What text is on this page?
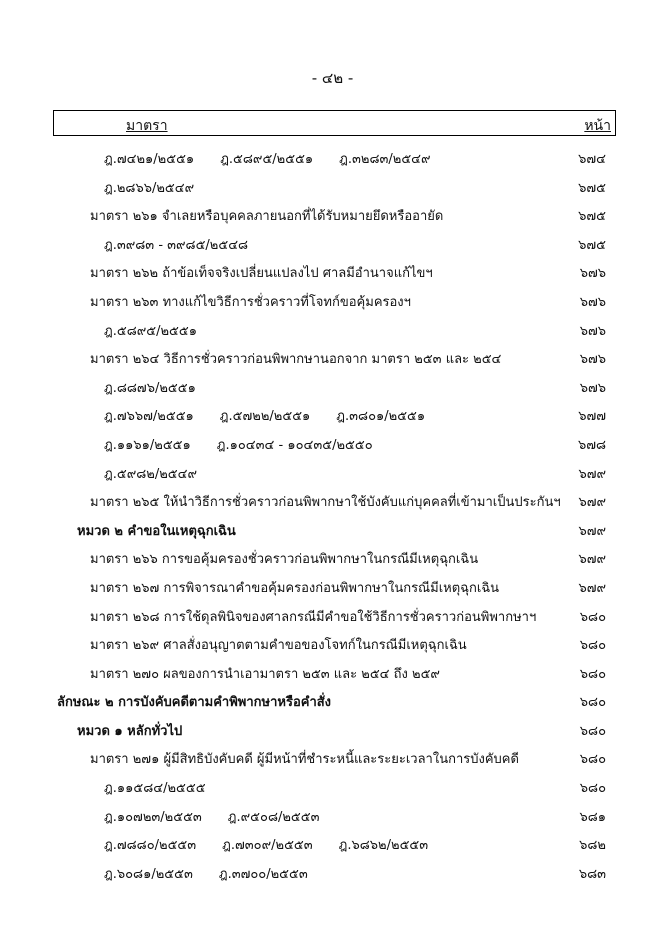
- ๔๒ -
มาตรา	หน้า
ฎ.๗๔๒๑/๒๕๕๑ ฎ.๕๘๙๕/๒๕๕๑ ฎ.๓๒๘๓/๒๕๔๙	๖๗๔
ฎ.๒๘๖๖/๒๕๔๙	๖๗๕
มาตรา ๒๖๑ จำเลยหรือบุคคลภายนอกที่ได้รับหมายยึดหรืออายัด	๖๗๕
ฎ.๓๙๘๓ - ๓๙๘๕/๒๕๔๘	๖๗๕
มาตรา ๒๖๒ ถ้าข้อเท็จจริงเปลี่ยนแปลงไป ศาลมีอำนาจแก้ไขฯ	๖๗๖
มาตรา ๒๖๓ ทางแก้ไขวิธีการชั่วคราวที่โจทก์ขอคุ้มครองฯ	๖๗๖
ฎ.๕๘๙๕/๒๕๕๑	๖๗๖
มาตรา ๒๖๔ วิธีการชั่วคราวก่อนพิพากษานอกจาก มาตรา ๒๕๓ และ ๒๕๔	๖๗๖
ฎ.๘๘๗๖/๒๕๕๑	๖๗๖
ฎ.๗๖๖๗/๒๕๕๑ ฎ.๕๗๒๒/๒๕๕๑ ฎ.๓๘๐๑/๒๕๕๑	๖๗๗
ฎ.๑๑๖๑/๒๕๕๑ ฎ.๑๐๔๓๔ - ๑๐๔๓๕/๒๕๕๐	๖๗๘
ฎ.๕๙๘๒/๒๕๔๙	๖๗๙
มาตรา ๒๖๕ ให้นำวิธีการชั่วคราวก่อนพิพากษาใช้บังคับแก่บุคคลที่เข้ามาเป็นประกันฯ ๖๗๙
หมวด ๒ คำขอในเหตุฉุกเฉิน	๖๗๙
มาตรา ๒๖๖ การขอคุ้มครองชั่วคราวก่อนพิพากษาในกรณีมีเหตุฉุกเฉิน	๖๗๙
มาตรา ๒๖๗ การพิจารณาคำขอคุ้มครองก่อนพิพากษาในกรณีมีเหตุฉุกเฉิน	๖๗๙
มาตรา ๒๖๘ การใช้ดุลพินิจของศาลกรณีมีคำขอใช้วิธีการชั่วคราวก่อนพิพากษาฯ	๖๘๐
มาตรา ๒๖๙ ศาลสั่งอนุญาตตามคำขอของโจทก์ในกรณีมีเหตุฉุกเฉิน	๖๘๐
มาตรา ๒๗๐ ผลของการนำเอามาตรา ๒๕๓ และ ๒๕๔ ถึง ๒๕๙	๖๘๐
ลักษณะ ๒ การบังคับคดีตามคำพิพากษาหรือคำสั่ง	๖๘๐
หมวด ๑ หลักทั่วไป	๖๘๐
มาตรา ๒๗๑ ผู้มีสิทธิบังคับคดี ผู้มีหน้าที่ชำระหนี้และระยะเวลาในการบังคับคดี	๖๘๐
ฎ.๑๑๕๘๔/๒๕๕๕	๖๘๐
ฎ.๑๐๗๒๓/๒๕๕๓ ฎ.๙๕๐๘/๒๕๕๓	๖๘๑
ฎ.๗๘๘๐/๒๕๕๓ ฎ.๗๓๐๙/๒๕๕๓ ฎ.๖๘๖๒/๒๕๕๓	๖๘๒
ฎ.๖๐๘๑/๒๕๕๓ ฎ.๓๗๐๐/๒๕๕๓	๖๘๓
